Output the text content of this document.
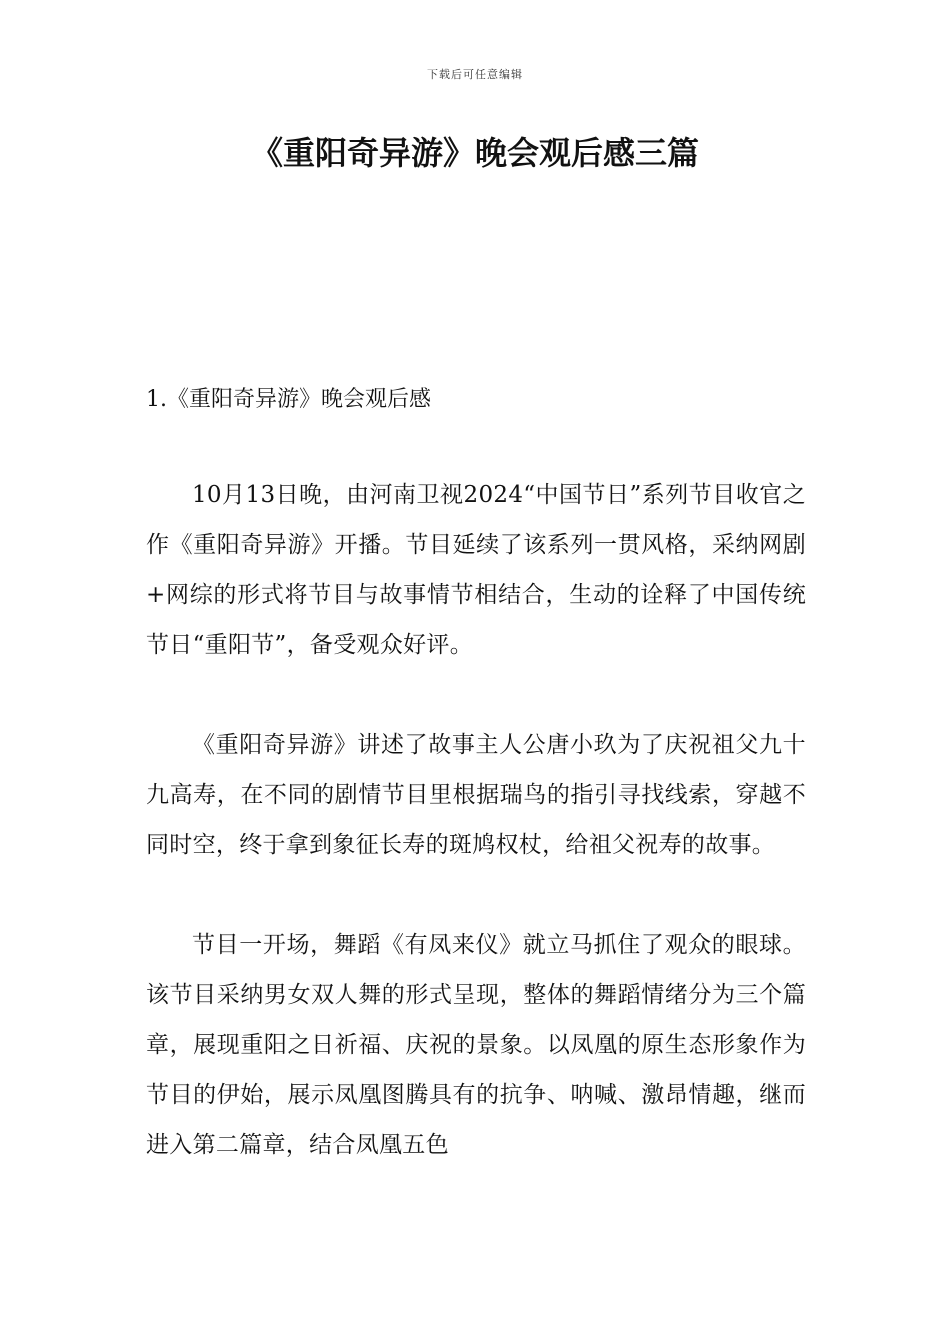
下载后可任意编辑
《重阳奇异游》晚会观后感三篇
1.《重阳奇异游》晚会观后感

10月13日晚，由河南卫视2024“中国节日”系列节目收官之作《重阳奇异游》开播。节目延续了该系列一贯风格，采纳网剧+网综的形式将节目与故事情节相结合，生动的诠释了中国传统节日“重阳节”，备受观众好评。

《重阳奇异游》讲述了故事主人公唐小玖为了庆祝祖父九十九高寿，在不同的剧情节目里根据瑞鸟的指引寻找线索，穿越不同时空，终于拿到象征长寿的斑鸠权杖，给祖父祝寿的故事。

节目一开场，舞蹈《有凤来仪》就立马抓住了观众的眼球。该节目采纳男女双人舞的形式呈现，整体的舞蹈情绪分为三个篇章，展现重阳之日祈福、庆祝的景象。以凤凰的原生态形象作为节目的伊始，展示凤凰图腾具有的抗争、呐喊、激昂情趣，继而进入第二篇章，结合凤凰五色
